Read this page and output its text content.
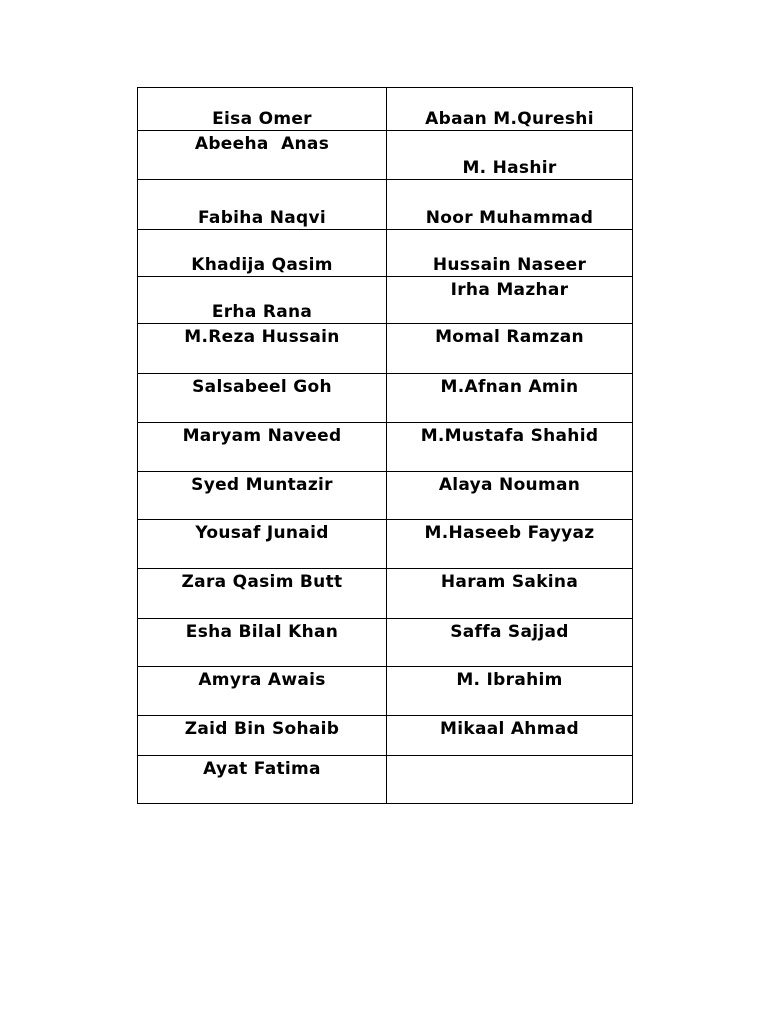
Eisa Omer	Abaan M.Qureshi
Abeeha  Anas	M. Hashir
Fabiha Naqvi	Noor Muhammad
Khadija Qasim	Hussain Naseer
Erha Rana	Irha Mazhar
M.Reza Hussain	Momal Ramzan
Salsabeel Goh	M.Afnan Amin
Maryam Naveed	M.Mustafa Shahid
Syed Muntazir	Alaya Nouman
Yousaf Junaid	M.Haseeb Fayyaz
Zara Qasim Butt	Haram Sakina
Esha Bilal Khan	Saffa Sajjad
Amyra Awais	M. Ibrahim
Zaid Bin Sohaib	Mikaal Ahmad
Ayat Fatima	
